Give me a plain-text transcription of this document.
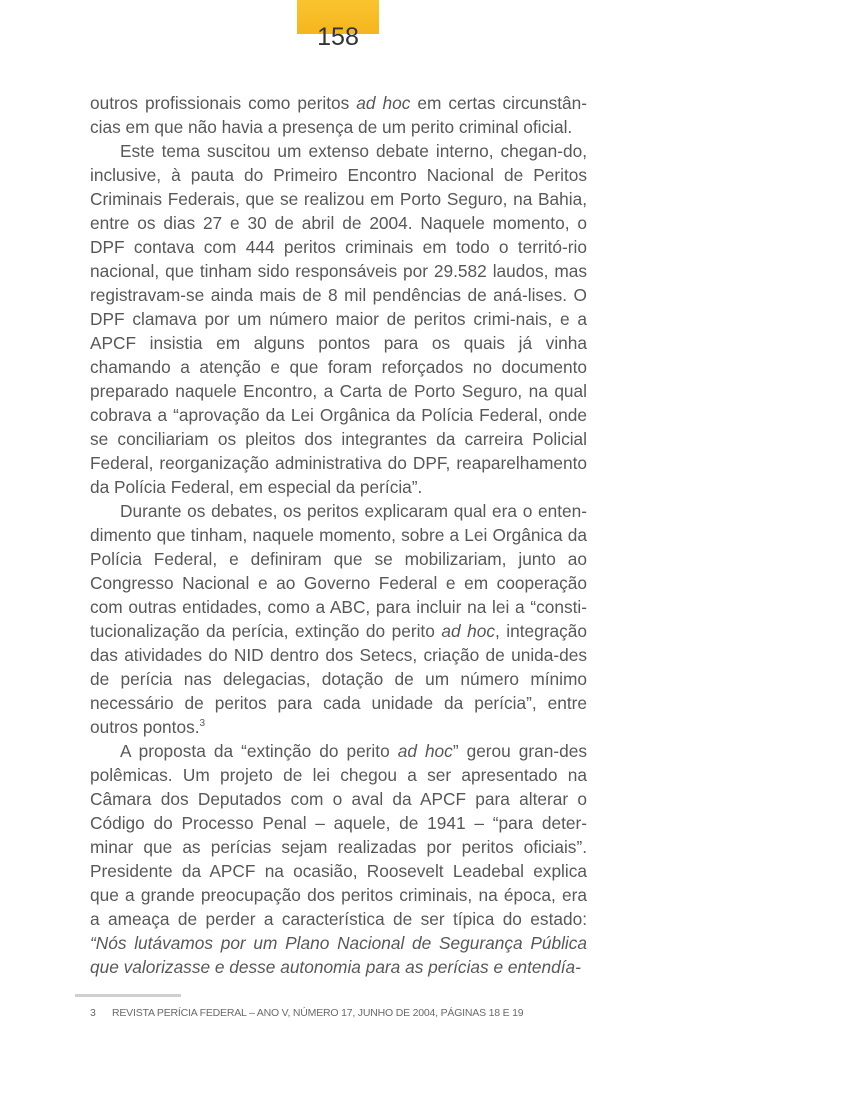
158

outros profissionais como peritos ad hoc em certas circunstân-cias em que não havia a presença de um perito criminal oficial.

Este tema suscitou um extenso debate interno, chegan-do, inclusive, à pauta do Primeiro Encontro Nacional de Peritos Criminais Federais, que se realizou em Porto Seguro, na Bahia, entre os dias 27 e 30 de abril de 2004. Naquele momento, o DPF contava com 444 peritos criminais em todo o territó-rio nacional, que tinham sido responsáveis por 29.582 laudos, mas registravam-se ainda mais de 8 mil pendências de aná-lises. O DPF clamava por um número maior de peritos crimi-nais, e a APCF insistia em alguns pontos para os quais já vinha chamando a atenção e que foram reforçados no documento preparado naquele Encontro, a Carta de Porto Seguro, na qual cobrava a “aprovação da Lei Orgânica da Polícia Federal, onde se conciliariam os pleitos dos integrantes da carreira Policial Federal, reorganização administrativa do DPF, reaparelhamento da Polícia Federal, em especial da perícia”.

Durante os debates, os peritos explicaram qual era o enten-dimento que tinham, naquele momento, sobre a Lei Orgânica da Polícia Federal, e definiram que se mobilizariam, junto ao Congresso Nacional e ao Governo Federal e em cooperação com outras entidades, como a ABC, para incluir na lei a “consti-tucionalização da perícia, extinção do perito ad hoc, integração das atividades do NID dentro dos Setecs, criação de unida-des de perícia nas delegacias, dotação de um número mínimo necessário de peritos para cada unidade da perícia”, entre outros pontos.$^3$

A proposta da “extinção do perito ad hoc” gerou gran-des polêmicas. Um projeto de lei chegou a ser apresentado na Câmara dos Deputados com o aval da APCF para alterar o Código do Processo Penal – aquele, de 1941 – “para deter-minar que as perícias sejam realizadas por peritos oficiais”. Presidente da APCF na ocasião, Roosevelt Leadebal explica que a grande preocupação dos peritos criminais, na época, era a ameaça de perder a característica de ser típica do estado: “Nós lutávamos por um Plano Nacional de Segurança Pública que valorizasse e desse autonomia para as perícias e entendía-

3 REVISTA PERÍCIA FEDERAL – ANO V, NÚMERO 17, JUNHO DE 2004, PÁGINAS 18 E 19
